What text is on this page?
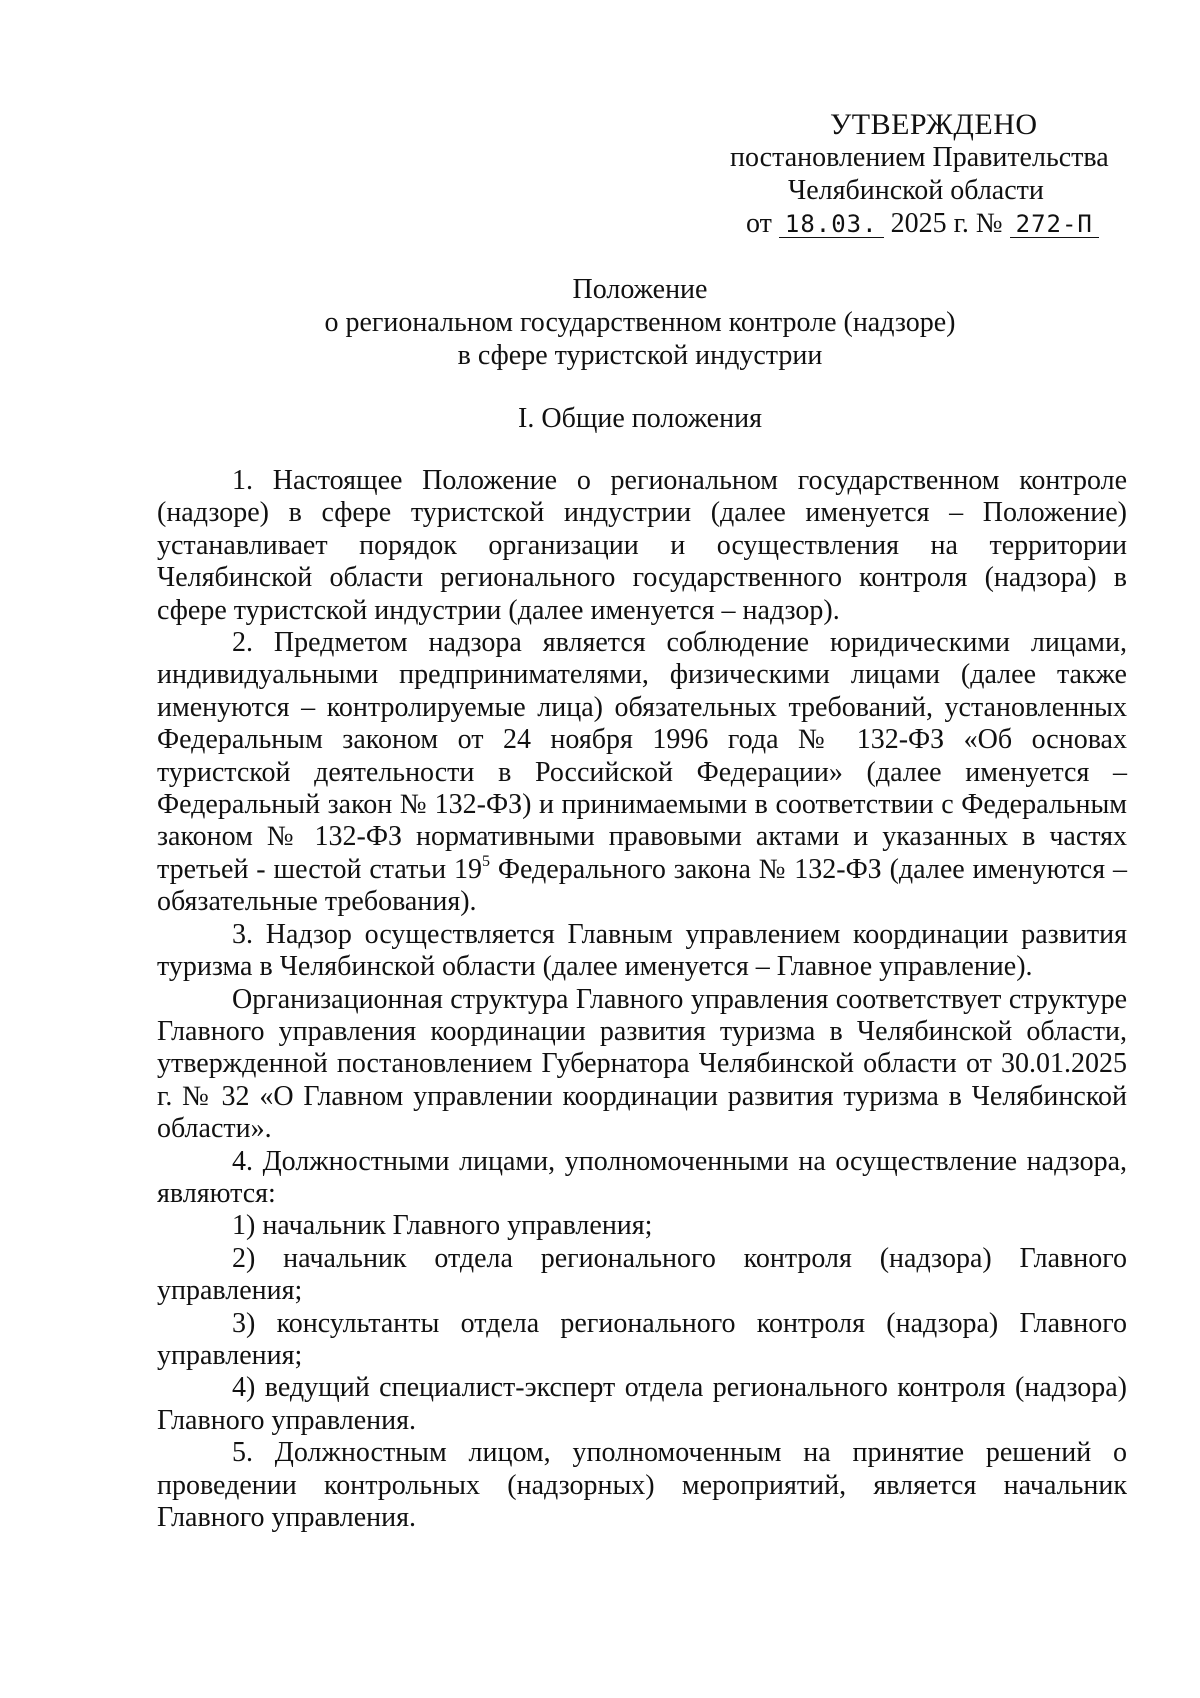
УТВЕРЖДЕНО
постановлением Правительства
Челябинской области
от 18.03. 2025 г. № 272-П
Положение
о региональном государственном контроле (надзоре)
в сфере туристской индустрии
I. Общие положения

1. Настоящее Положение о региональном государственном контроле (надзоре) в сфере туристской индустрии (далее именуется – Положение) устанавливает порядок организации и осуществления на территории Челябинской области регионального государственного контроля (надзора) в сфере туристской индустрии (далее именуется – надзор).

2. Предметом надзора является соблюдение юридическими лицами, индивидуальными предпринимателями, физическими лицами (далее также именуются – контролируемые лица) обязательных требований, установленных Федеральным законом от 24 ноября 1996 года № 132-ФЗ «Об основах туристской деятельности в Российской Федерации» (далее именуется – Федеральный закон № 132-ФЗ) и принимаемыми в соответствии с Федеральным законом № 132-ФЗ нормативными правовыми актами и указанных в частях третьей - шестой статьи $19^5$ Федерального закона № 132-ФЗ (далее именуются – обязательные требования).

3. Надзор осуществляется Главным управлением координации развития туризма в Челябинской области (далее именуется – Главное управление).

Организационная структура Главного управления соответствует структуре Главного управления координации развития туризма в Челябинской области, утвержденной постановлением Губернатора Челябинской области от 30.01.2025 г. № 32 «О Главном управлении координации развития туризма в Челябинской области».

4. Должностными лицами, уполномоченными на осуществление надзора, являются:

1) начальник Главного управления;

2) начальник отдела регионального контроля (надзора) Главного управления;

3) консультанты отдела регионального контроля (надзора) Главного управления;

4) ведущий специалист-эксперт отдела регионального контроля (надзора) Главного управления.

5. Должностным лицом, уполномоченным на принятие решений о проведении контрольных (надзорных) мероприятий, является начальник Главного управления.
